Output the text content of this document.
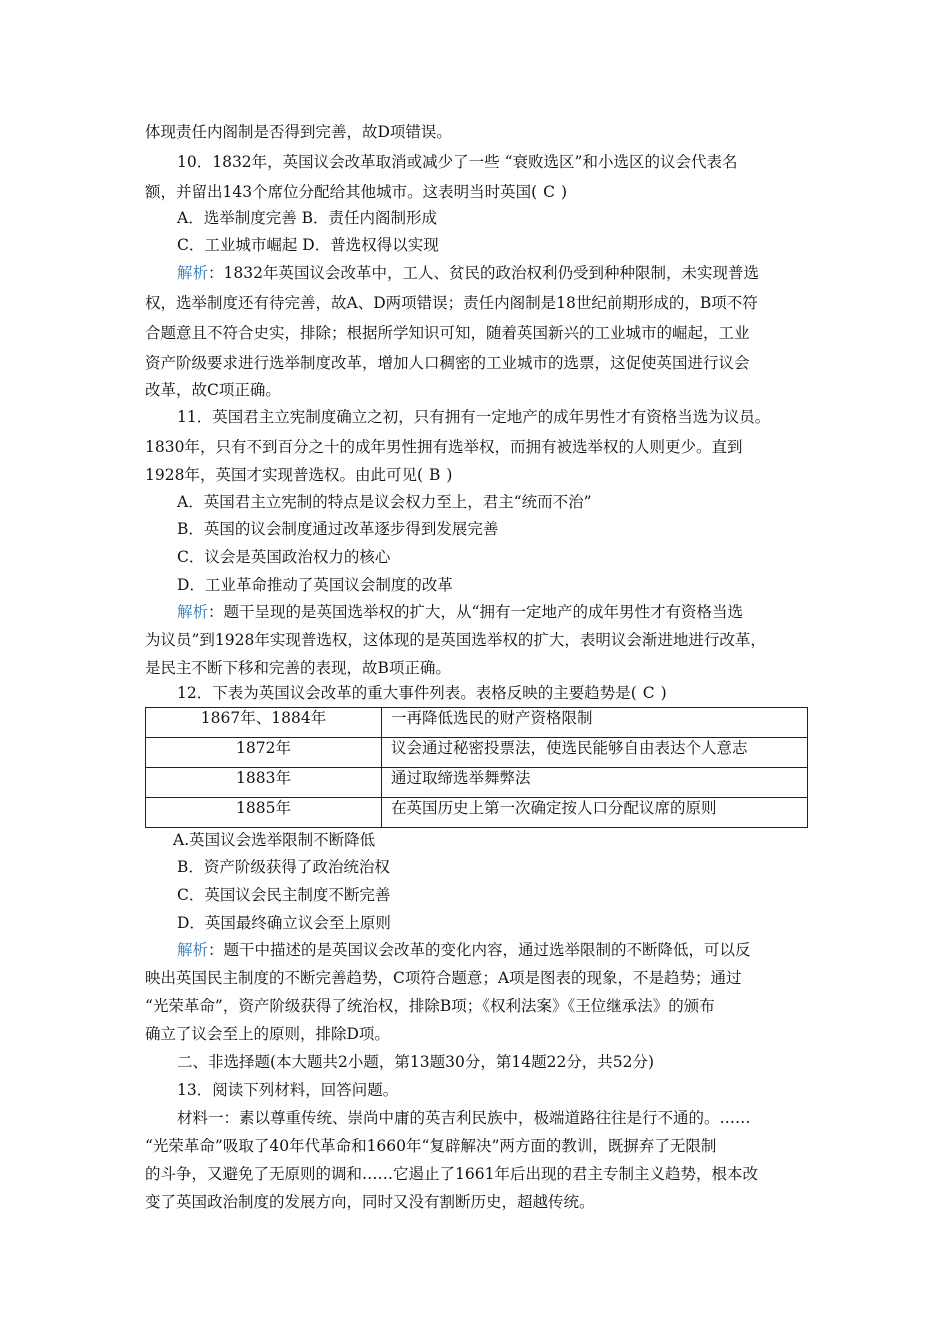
体现责任内阁制是否得到完善，故D项错误。
10．1832年，英国议会改革取消或减少了一些 “衰败选区”和小选区的议会代表名
额，并留出143个席位分配给其他城市。这表明当时英国( C )
A．选举制度完善 B．责任内阁制形成
C．工业城市崛起 D．普选权得以实现
解析：1832年英国议会改革中，工人、贫民的政治权利仍受到种种限制，未实现普选
权，选举制度还有待完善，故A、D两项错误；责任内阁制是18世纪前期形成的，B项不符
合题意且不符合史实，排除；根据所学知识可知，随着英国新兴的工业城市的崛起，工业
资产阶级要求进行选举制度改革，增加人口稠密的工业城市的选票，这促使英国进行议会
改革，故C项正确。
11．英国君主立宪制度确立之初，只有拥有一定地产的成年男性才有资格当选为议员。
1830年，只有不到百分之十的成年男性拥有选举权，而拥有被选举权的人则更少。直到
1928年，英国才实现普选权。由此可见( B )
A．英国君主立宪制的特点是议会权力至上，君主“统而不治”
B．英国的议会制度通过改革逐步得到发展完善
C．议会是英国政治权力的核心
D．工业革命推动了英国议会制度的改革
解析：题干呈现的是英国选举权的扩大，从“拥有一定地产的成年男性才有资格当选
为议员”到1928年实现普选权，这体现的是英国选举权的扩大，表明议会渐进地进行改革，
是民主不断下移和完善的表现，故B项正确。
12．下表为英国议会改革的重大事件列表。表格反映的主要趋势是( C )
1867年、1884年	一再降低选民的财产资格限制
1872年	议会通过秘密投票法，使选民能够自由表达个人意志
1883年	通过取缔选举舞弊法
1885年	在英国历史上第一次确定按人口分配议席的原则
A.英国议会选举限制不断降低
B．资产阶级获得了政治统治权
C．英国议会民主制度不断完善
D．英国最终确立议会至上原则
解析：题干中描述的是英国议会改革的变化内容，通过选举限制的不断降低，可以反
映出英国民主制度的不断完善趋势，C项符合题意；A项是图表的现象，不是趋势；通过
“光荣革命”，资产阶级获得了统治权，排除B项；《权利法案》《王位继承法》的颁布
确立了议会至上的原则，排除D项。
二、非选择题(本大题共2小题，第13题30分，第14题22分，共52分)
13．阅读下列材料，回答问题。
材料一：素以尊重传统、崇尚中庸的英吉利民族中，极端道路往往是行不通的。……
“光荣革命”吸取了40年代革命和1660年“复辟解决”两方面的教训，既摒弃了无限制
的斗争，又避免了无原则的调和……它遏止了1661年后出现的君主专制主义趋势，根本改
变了英国政治制度的发展方向，同时又没有割断历史，超越传统。
